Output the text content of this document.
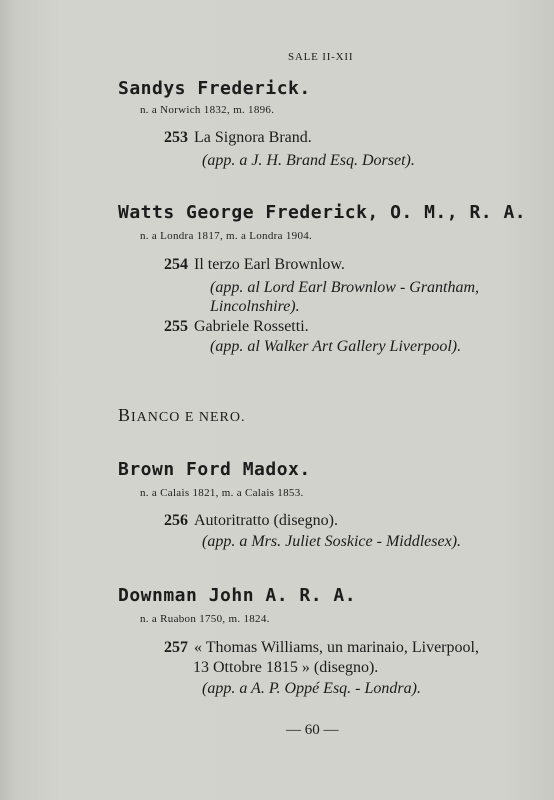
SALE II-XII
Sandys Frederick.
n. a Norwich 1832, m. 1896.
253 La Signora Brand.
(app. a J. H. Brand Esq. Dorset).
Watts George Frederick, O. M., R. A.
n. a Londra 1817, m. a Londra 1904.
254 Il terzo Earl Brownlow.
(app. al Lord Earl Brownlow - Grantham,
Lincolnshire).
255 Gabriele Rossetti.
(app. al Walker Art Gallery Liverpool).
BIANCO E NERO.
Brown Ford Madox.
n. a Calais 1821, m. a Calais 1853.
256 Autoritratto (disegno).
(app. a Mrs. Juliet Soskice - Middlesex).
Downman John A. R. A.
n. a Ruabon 1750, m. 1824.
257 « Thomas Williams, un marinaio, Liverpool,
13 Ottobre 1815 » (disegno).
(app. a A. P. Oppé Esq. - Londra).
— 60 —
